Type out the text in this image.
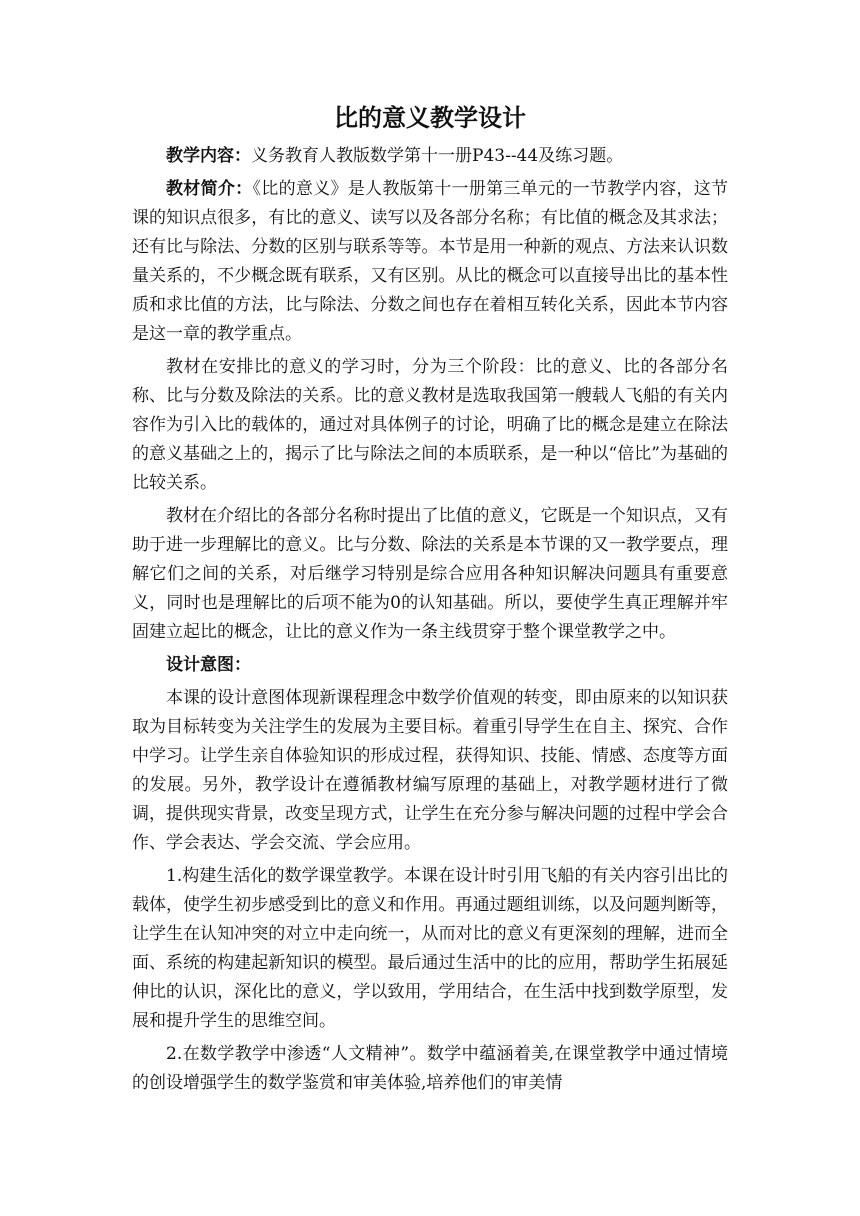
比的意义教学设计

教学内容：义务教育人教版数学第十一册P43--44及练习题。

教材简介：《比的意义》是人教版第十一册第三单元的一节教学内容，这节课的知识点很多，有比的意义、读写以及各部分名称；有比值的概念及其求法；还有比与除法、分数的区别与联系等等。本节是用一种新的观点、方法来认识数量关系的，不少概念既有联系，又有区别。从比的概念可以直接导出比的基本性质和求比值的方法，比与除法、分数之间也存在着相互转化关系，因此本节内容是这一章的教学重点。

教材在安排比的意义的学习时，分为三个阶段：比的意义、比的各部分名称、比与分数及除法的关系。比的意义教材是选取我国第一艘载人飞船的有关内容作为引入比的载体的，通过对具体例子的讨论，明确了比的概念是建立在除法的意义基础之上的，揭示了比与除法之间的本质联系，是一种以“倍比”为基础的比较关系。

教材在介绍比的各部分名称时提出了比值的意义，它既是一个知识点，又有助于进一步理解比的意义。比与分数、除法的关系是本节课的又一教学要点，理解它们之间的关系，对后继学习特别是综合应用各种知识解决问题具有重要意义，同时也是理解比的后项不能为0的认知基础。所以，要使学生真正理解并牢固建立起比的概念，让比的意义作为一条主线贯穿于整个课堂教学之中。

设计意图：

本课的设计意图体现新课程理念中数学价值观的转变，即由原来的以知识获取为目标转变为关注学生的发展为主要目标。着重引导学生在自主、探究、合作中学习。让学生亲自体验知识的形成过程，获得知识、技能、情感、态度等方面的发展。另外，教学设计在遵循教材编写原理的基础上，对教学题材进行了微调，提供现实背景，改变呈现方式，让学生在充分参与解决问题的过程中学会合作、学会表达、学会交流、学会应用。

1.构建生活化的数学课堂教学。本课在设计时引用飞船的有关内容引出比的载体，使学生初步感受到比的意义和作用。再通过题组训练，以及问题判断等，让学生在认知冲突的对立中走向统一，从而对比的意义有更深刻的理解，进而全面、系统的构建起新知识的模型。最后通过生活中的比的应用，帮助学生拓展延伸比的认识，深化比的意义，学以致用，学用结合，在生活中找到数学原型，发展和提升学生的思维空间。

2.在数学教学中渗透“人文精神”。数学中蕴涵着美,在课堂教学中通过情境的创设增强学生的数学鉴赏和审美体验,培养他们的审美情
